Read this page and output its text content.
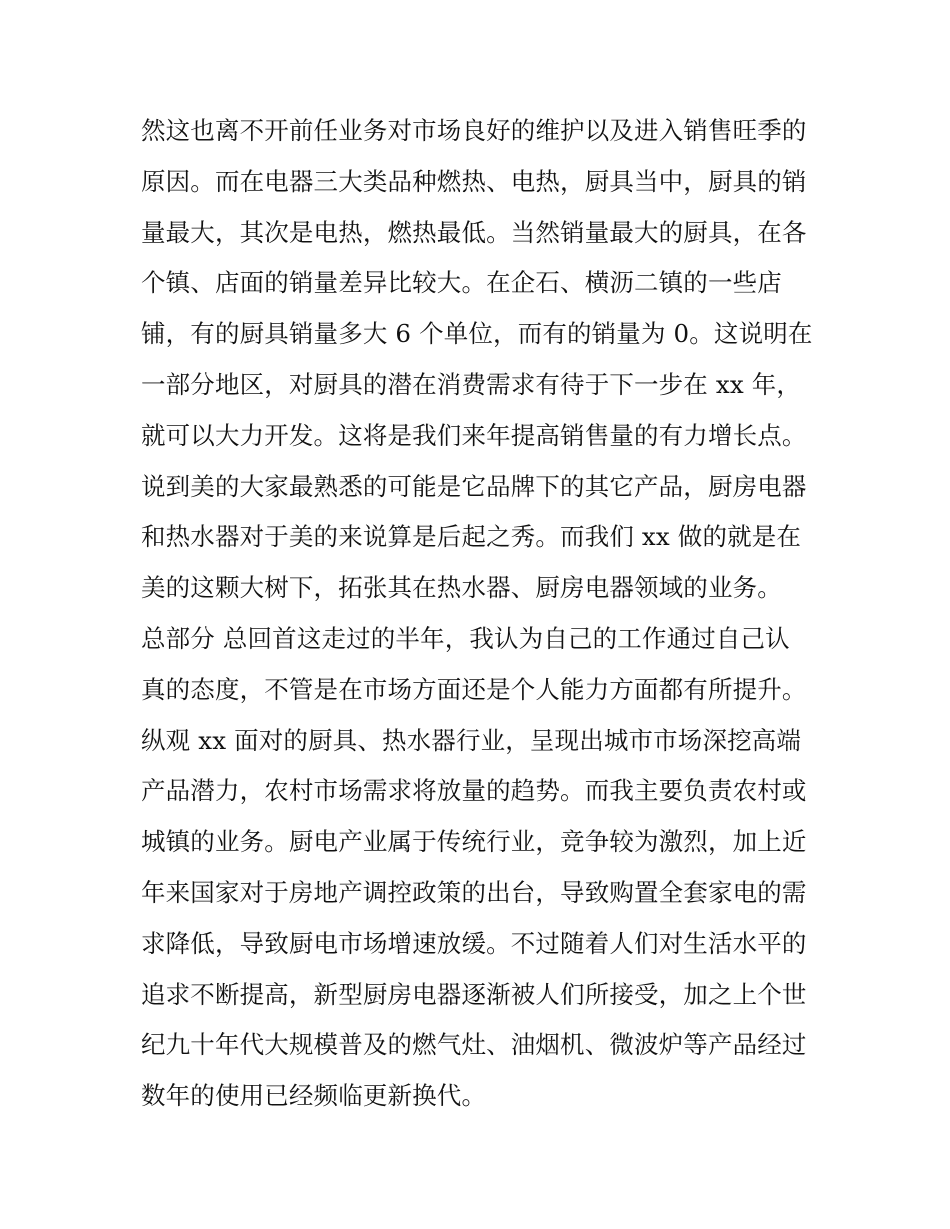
然这也离不开前任业务对市场良好的维护以及进入销售旺季的
原因。而在电器三大类品种燃热、电热，厨具当中，厨具的销
量最大，其次是电热，燃热最低。当然销量最大的厨具，在各
个镇、店面的销量差异比较大。在企石、横沥二镇的一些店
铺，有的厨具销量多大 6 个单位，而有的销量为 0。这说明在
一部分地区，对厨具的潜在消费需求有待于下一步在 xx 年，
就可以大力开发。这将是我们来年提高销售量的有力增长点。
说到美的大家最熟悉的可能是它品牌下的其它产品，厨房电器
和热水器对于美的来说算是后起之秀。而我们 xx 做的就是在
美的这颗大树下，拓张其在热水器、厨房电器领域的业务。
总部分 总回首这走过的半年，我认为自己的工作通过自己认
真的态度，不管是在市场方面还是个人能力方面都有所提升。
纵观 xx 面对的厨具、热水器行业，呈现出城市市场深挖高端
产品潜力，农村市场需求将放量的趋势。而我主要负责农村或
城镇的业务。厨电产业属于传统行业，竞争较为激烈，加上近
年来国家对于房地产调控政策的出台，导致购置全套家电的需
求降低，导致厨电市场增速放缓。不过随着人们对生活水平的
追求不断提高，新型厨房电器逐渐被人们所接受，加之上个世
纪九十年代大规模普及的燃气灶、油烟机、微波炉等产品经过
数年的使用已经频临更新换代。
